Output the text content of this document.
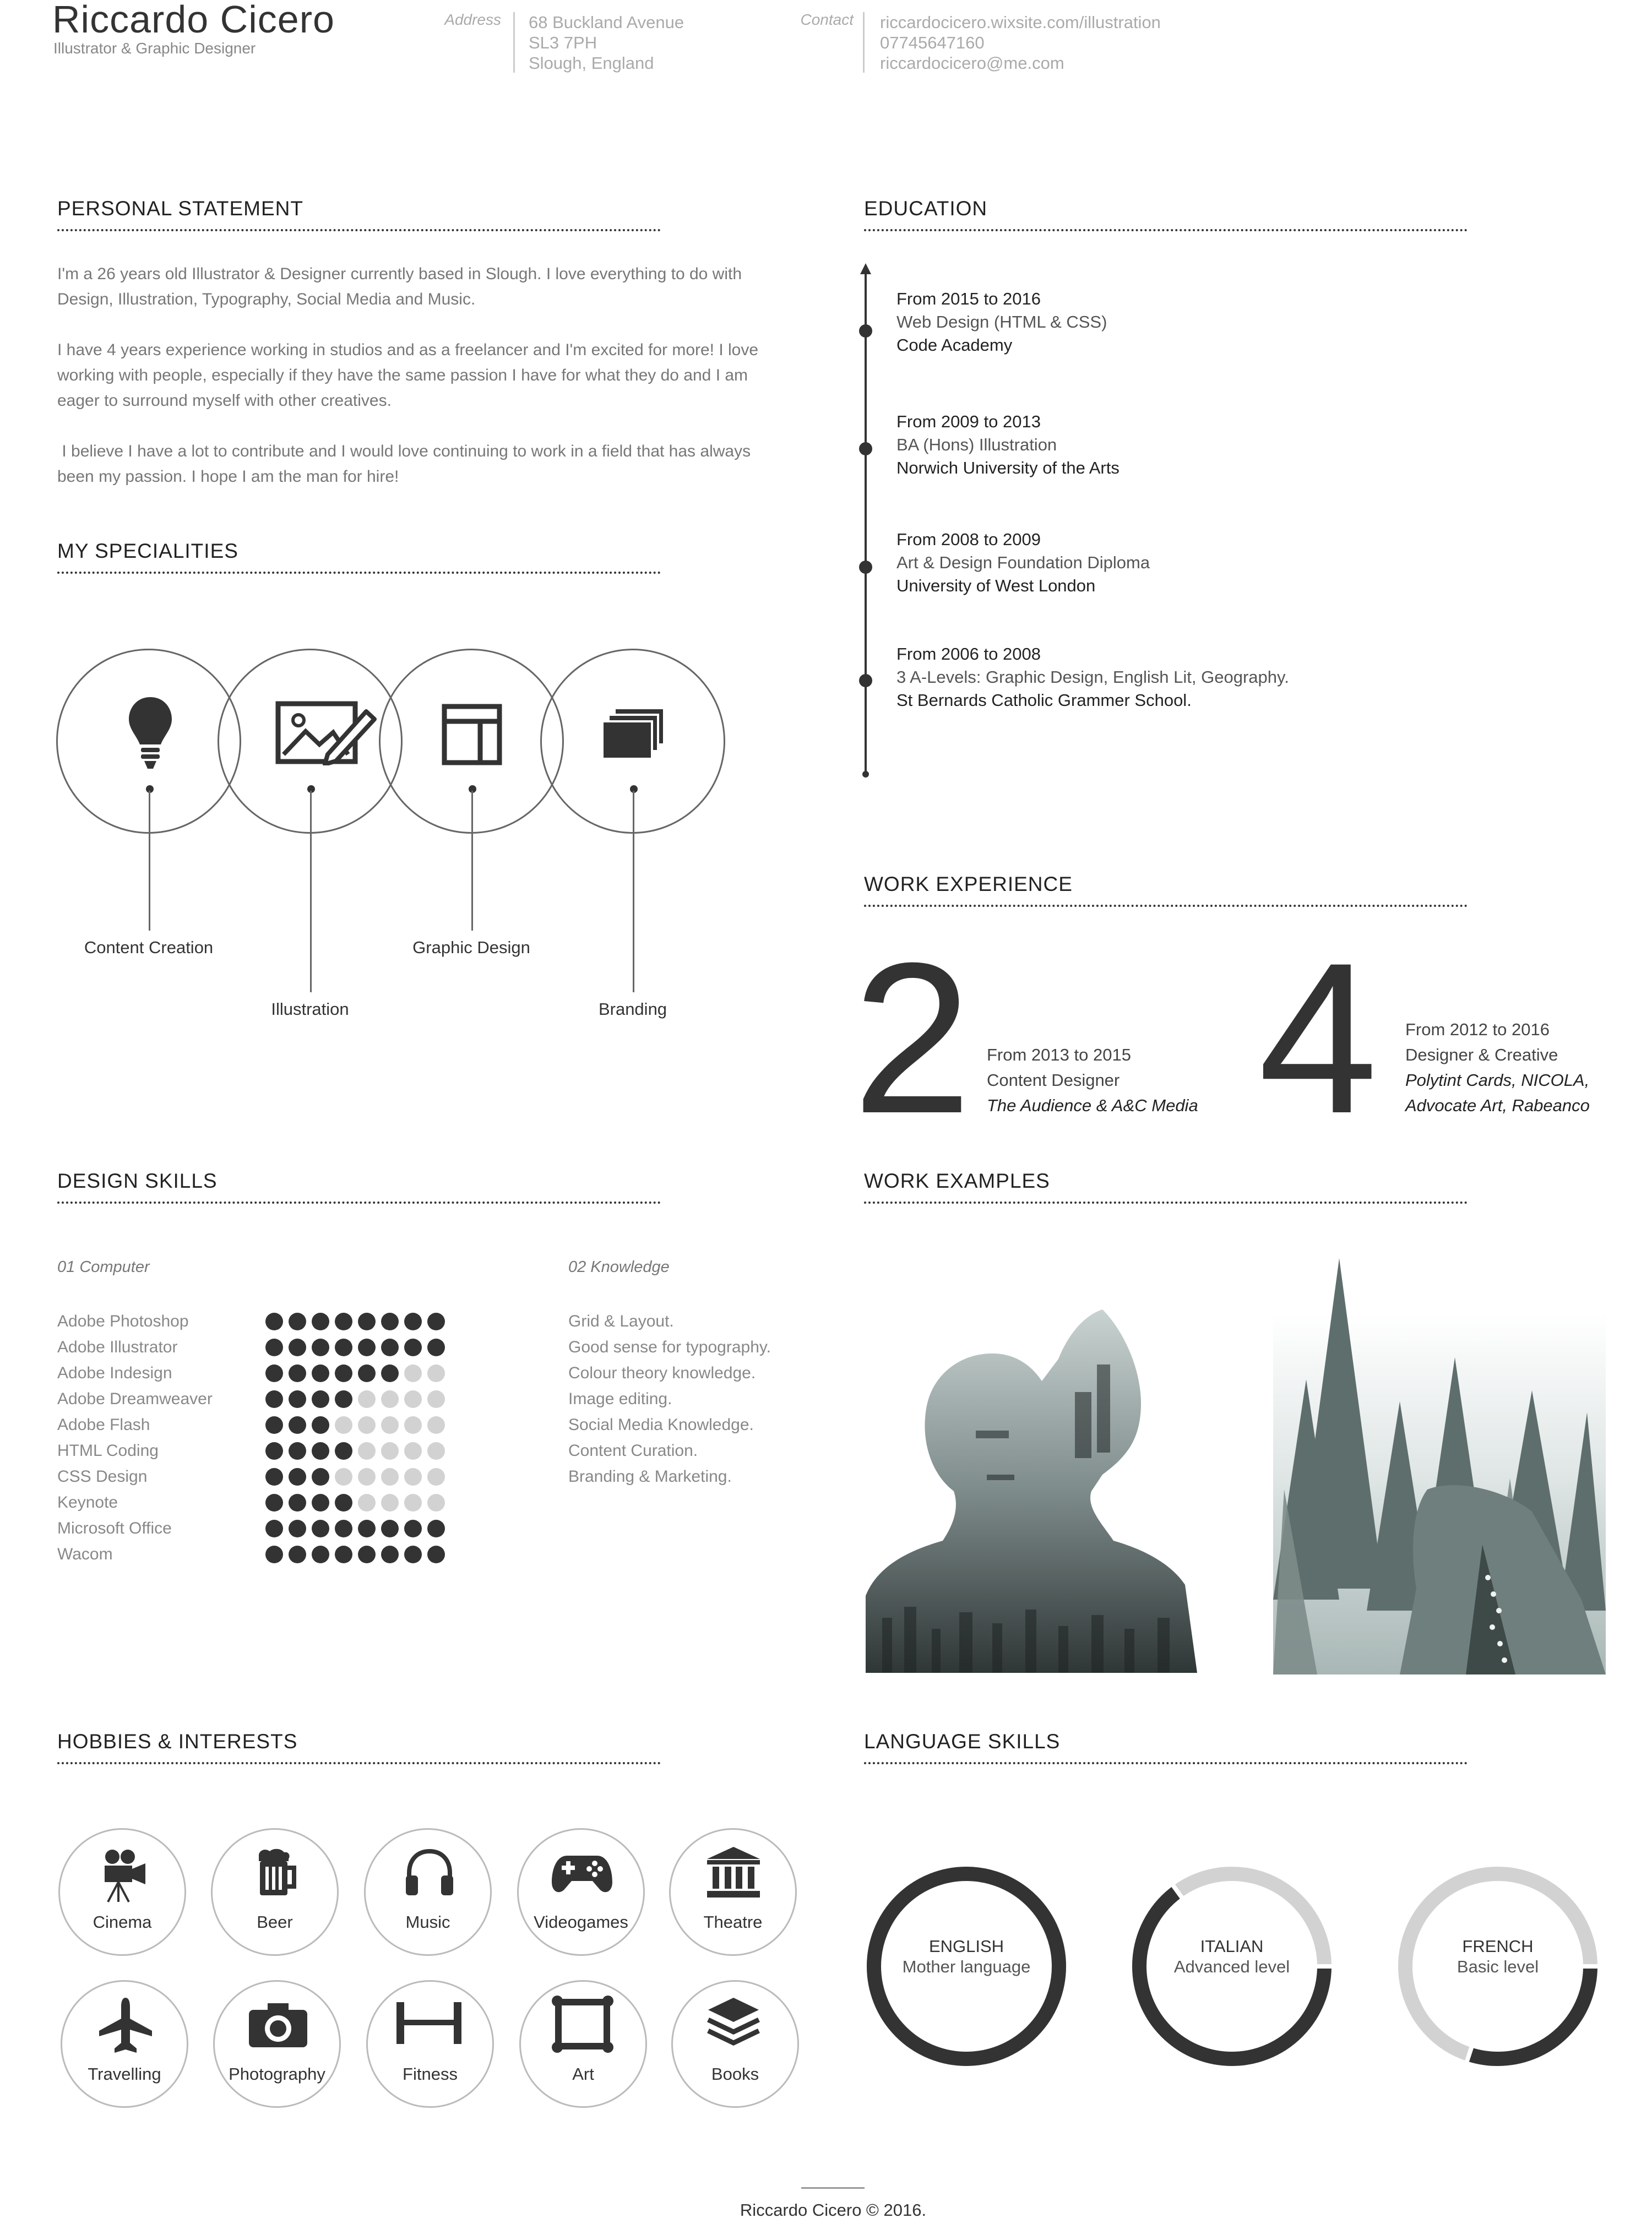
Riccardo Cicero
Illustrator & Graphic Designer
Address 68 Buckland Avenue
SL3 7PH
Slough, England
Contact riccardocicero.wixsite.com/illustration
07745647160
riccardocicero@me.com
PERSONAL STATEMENT
I'm a 26 years old Illustrator & Designer currently based in Slough. I love everything to do with
Design, Illustration, Typography, Social Media and Music.
I have 4 years experience working in studios and as a freelancer and I'm excited for more! I love
working with people, especially if they have the same passion I have for what they do and I am
eager to surround myself with other creatives.
I believe I have a lot to contribute and I would love continuing to work in a field that has always
been my passion. I hope I am the man for hire!
MY SPECIALITIES
Content Creation
Illustration
Graphic Design
Branding
EDUCATION
From 2015 to 2016
Web Design (HTML & CSS)
Code Academy
From 2009 to 2013
BA (Hons) Illustration
Norwich University of the Arts
From 2008 to 2009
Art & Design Foundation Diploma
University of West London
From 2006 to 2008
3 A-Levels: Graphic Design, English Lit, Geography.
St Bernards Catholic Grammer School.
WORK EXPERIENCE
2 From 2013 to 2015
Content Designer
The Audience & A&C Media 4 From 2012 to 2016
Designer & Creative
Polytint Cards, NICOLA,
Advocate Art, Rabeanco
DESIGN SKILLS
01 Computer	02 Knowledge
Adobe Photoshop
Adobe Illustrator
Adobe Indesign
Adobe Dreamweaver
Adobe Flash
HTML Coding
CSS Design
Keynote
Microsoft Office
Wacom
Grid & Layout.
Good sense for typography.
Colour theory knowledge.
Image editing.
Social Media Knowledge.
Content Curation.
Branding & Marketing.
WORK EXAMPLES
HOBBIES & INTERESTS
Cinema	Beer	Music	Videogames	Theatre
Travelling	Photography	Fitness	Art	Books
LANGUAGE SKILLS
ENGLISH
Mother language
ITALIAN
Advanced level
FRENCH
Basic level
Riccardo Cicero © 2016.
